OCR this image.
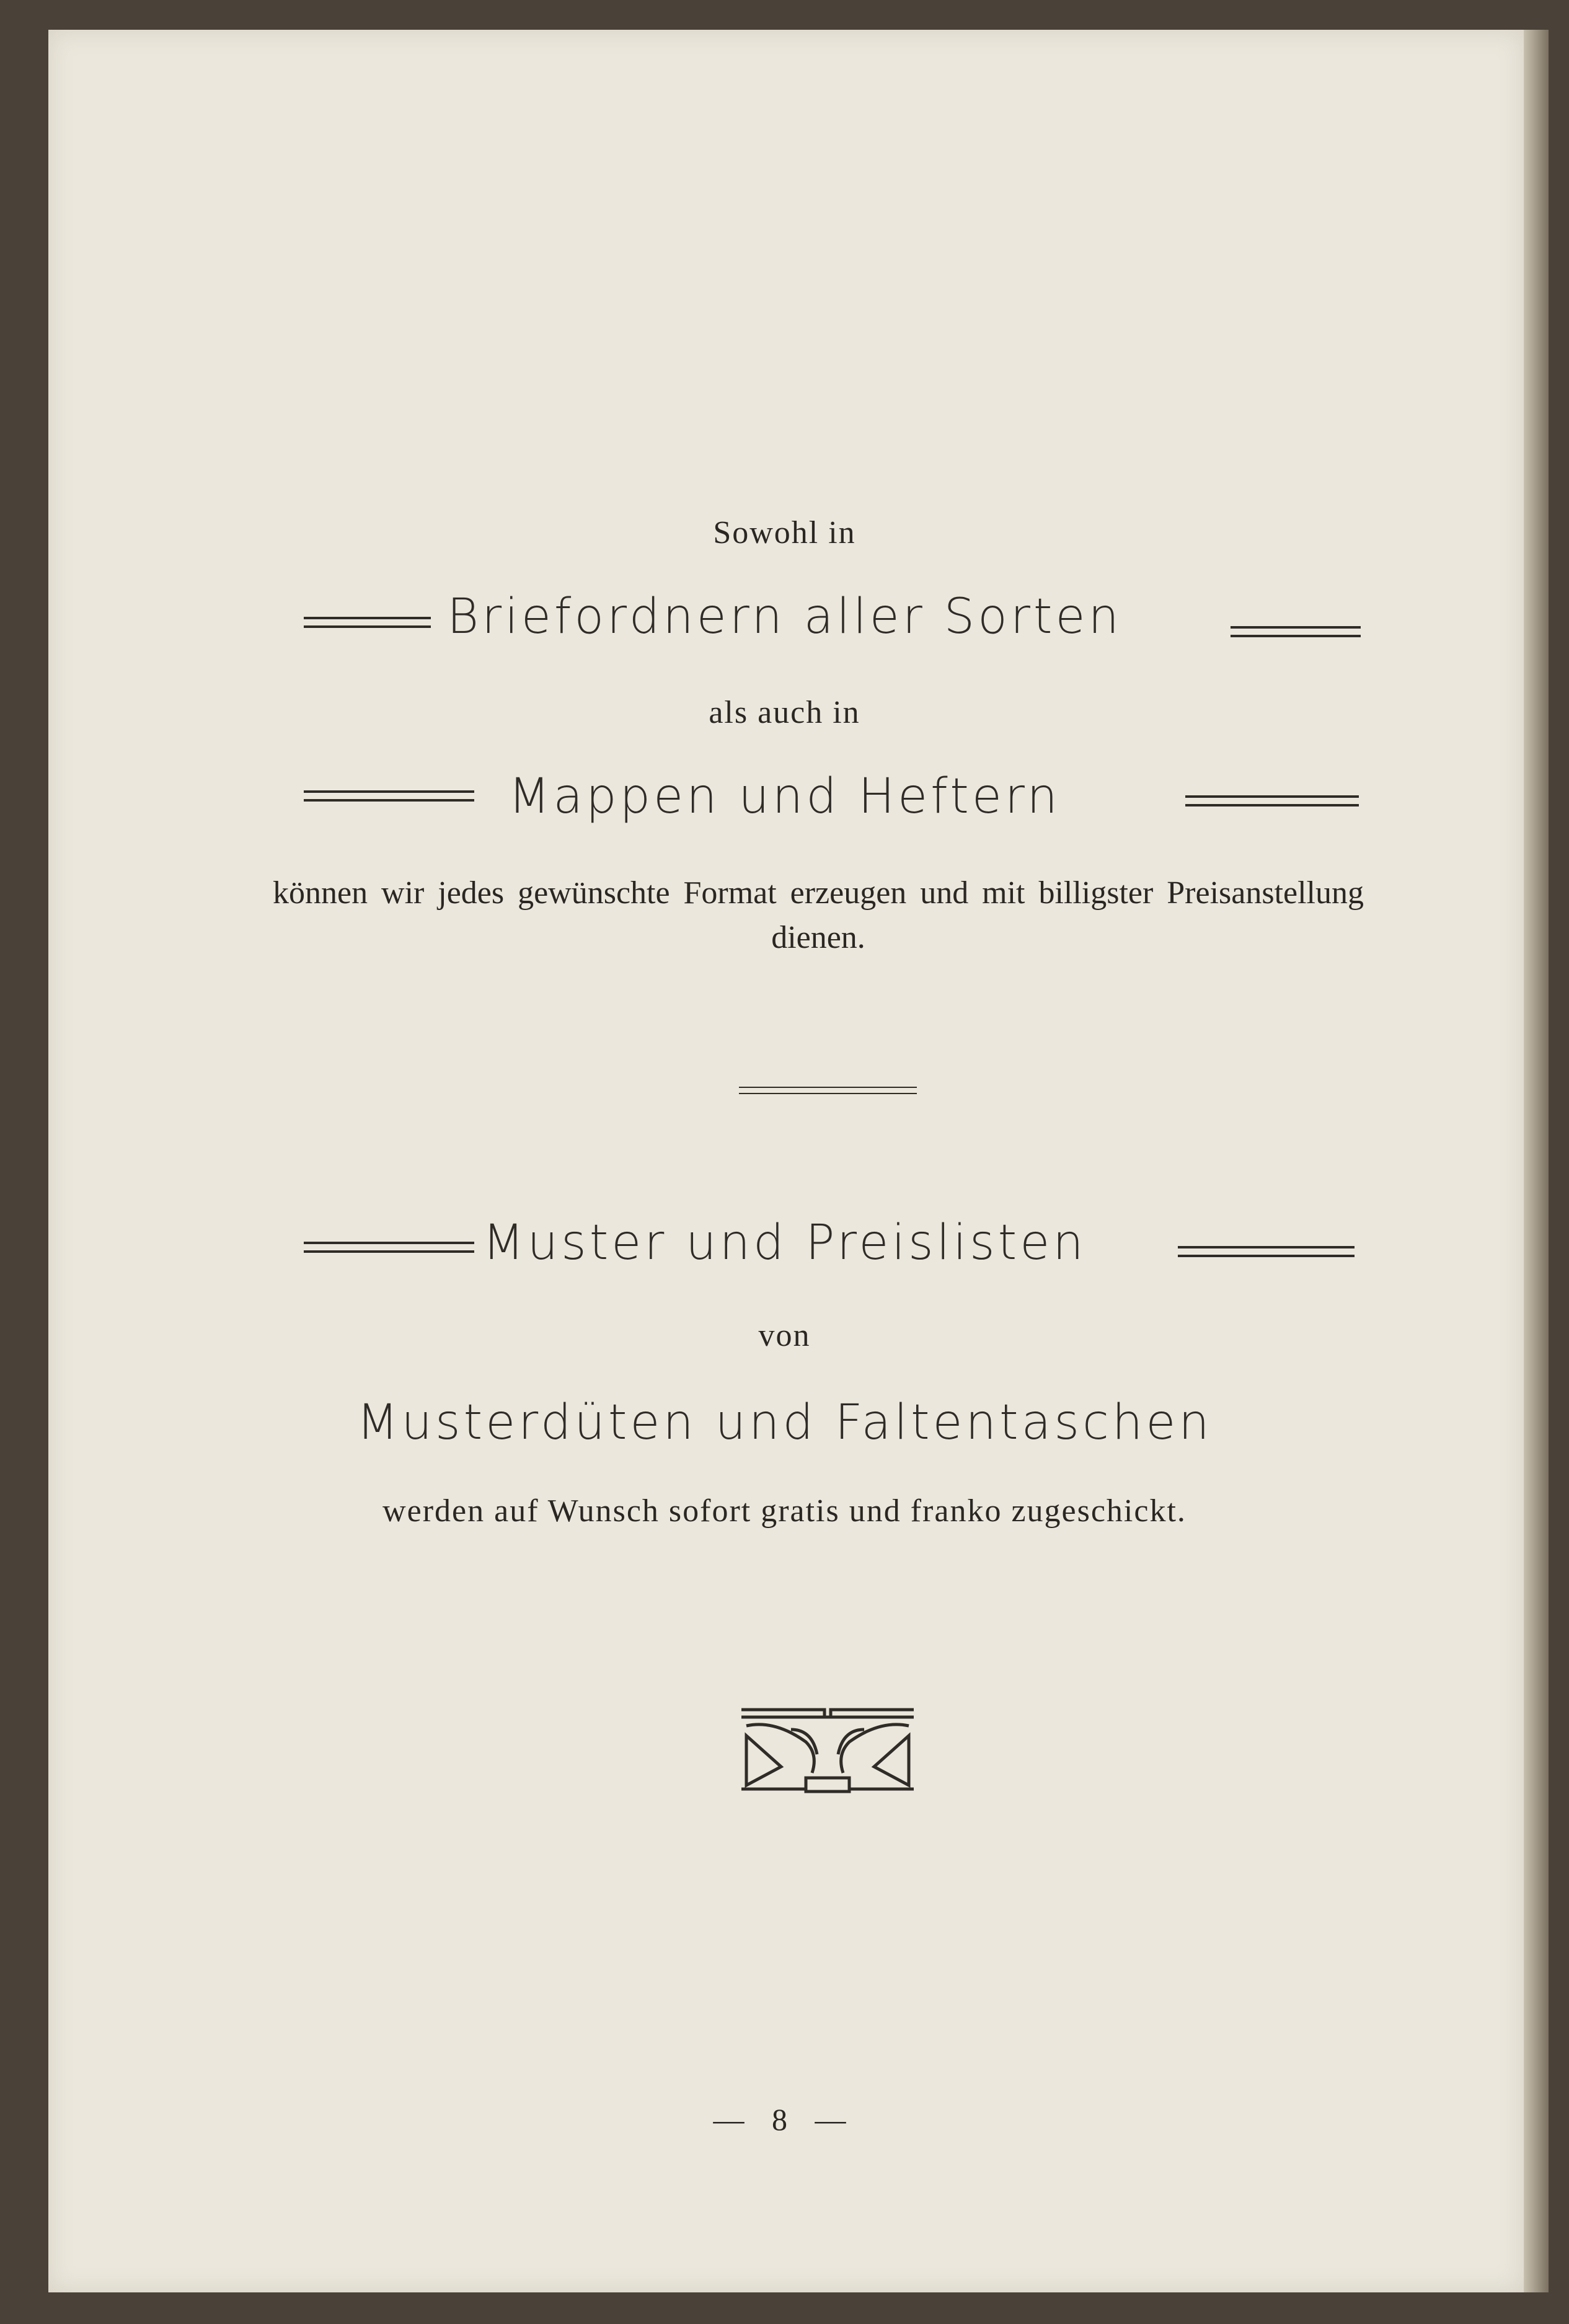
Sowohl in
Briefordnern aller Sorten
als auch in
Mappen und Heftern
können wir jedes gewünschte Format erzeugen und mit billigster Preisanstellung dienen.
Muster und Preislisten
von
Musterdüten und Faltentaschen
werden auf Wunsch sofort gratis und franko zugeschickt.
— 8 —
